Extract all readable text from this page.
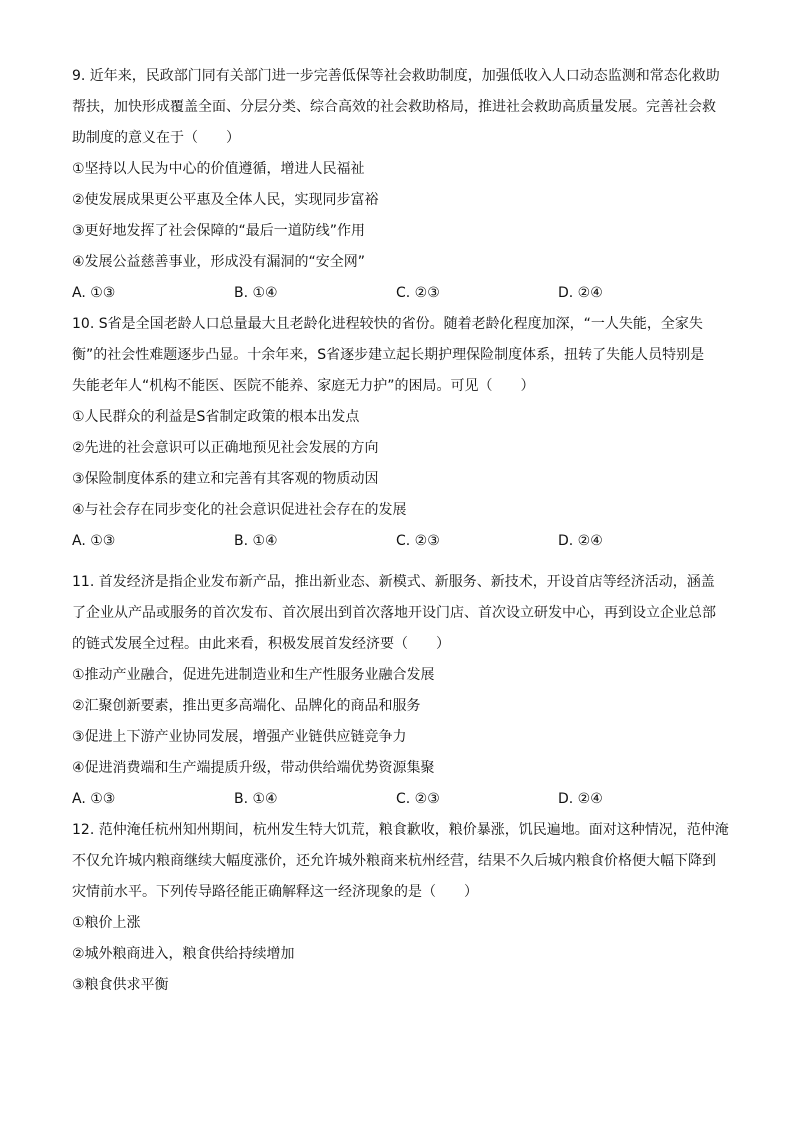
9. 近年来，民政部门同有关部门进一步完善低保等社会救助制度，加强低收入人口动态监测和常态化救助
帮扶，加快形成覆盖全面、分层分类、综合高效的社会救助格局，推进社会救助高质量发展。完善社会救
助制度的意义在于（　　）
①坚持以人民为中心的价值遵循，增进人民福祉
②使发展成果更公平惠及全体人民，实现同步富裕
③更好地发挥了社会保障的“最后一道防线”作用
④发展公益慈善事业，形成没有漏洞的“安全网”
A. ①③	B. ①④	C. ②③	D. ②④
10. S省是全国老龄人口总量最大且老龄化进程较快的省份。随着老龄化程度加深，“一人失能，全家失
衡”的社会性难题逐步凸显。十余年来，S省逐步建立起长期护理保险制度体系，扭转了失能人员特别是
失能老年人“机构不能医、医院不能养、家庭无力护”的困局。可见（　　）
①人民群众的利益是S省制定政策的根本出发点
②先进的社会意识可以正确地预见社会发展的方向
③保险制度体系的建立和完善有其客观的物质动因
④与社会存在同步变化的社会意识促进社会存在的发展
A. ①③	B. ①④	C. ②③	D. ②④
11. 首发经济是指企业发布新产品，推出新业态、新模式、新服务、新技术，开设首店等经济活动，涵盖
了企业从产品或服务的首次发布、首次展出到首次落地开设门店、首次设立研发中心，再到设立企业总部
的链式发展全过程。由此来看，积极发展首发经济要（　　）
①推动产业融合，促进先进制造业和生产性服务业融合发展
②汇聚创新要素，推出更多高端化、品牌化的商品和服务
③促进上下游产业协同发展，增强产业链供应链竞争力
④促进消费端和生产端提质升级，带动供给端优势资源集聚
A. ①③	B. ①④	C. ②③	D. ②④
12. 范仲淹任杭州知州期间，杭州发生特大饥荒，粮食歉收，粮价暴涨，饥民遍地。面对这种情况，范仲淹
不仅允许城内粮商继续大幅度涨价，还允许城外粮商来杭州经营，结果不久后城内粮食价格便大幅下降到
灾情前水平。下列传导路径能正确解释这一经济现象的是（　　）
①粮价上涨
②城外粮商进入，粮食供给持续增加
③粮食供求平衡
